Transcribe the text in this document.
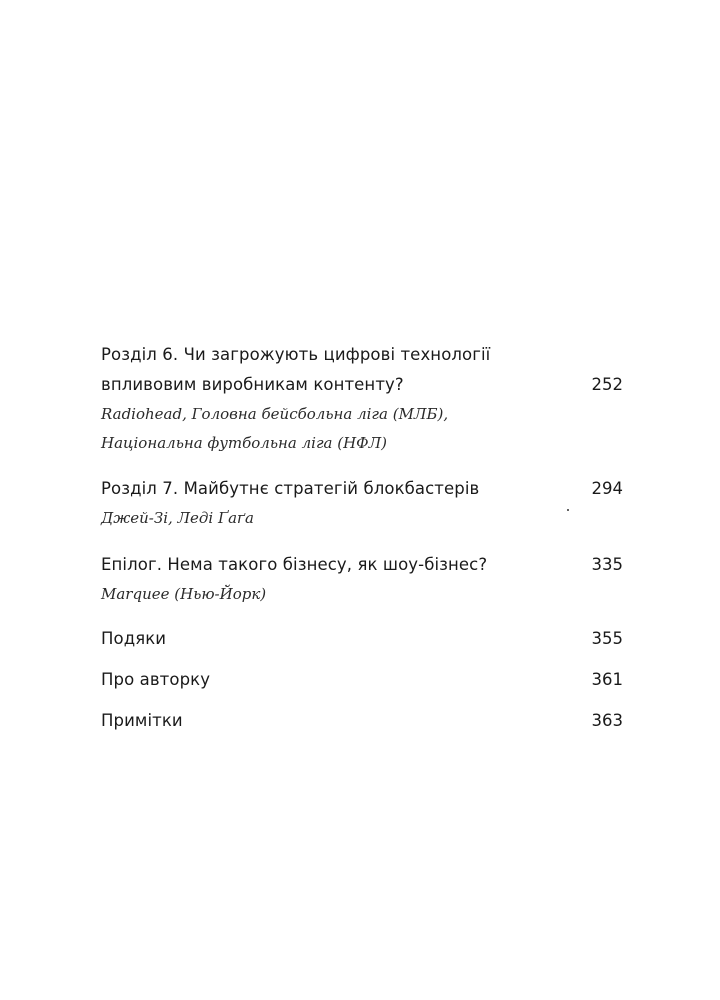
Розділ 6. Чи загрожують цифрові технології
впливовим виробникам контенту?	252
Radiohead, Головна бейсбольна ліга (МЛБ),
Національна футбольна ліга (НФЛ)
Розділ 7. Майбутнє стратегій блокбастерів	294
Джей-Зі, Леді Ґаґа
Епілог. Нема такого бізнесу, як шоу-бізнес?	335
Marquee (Нью-Йорк)
Подяки	355
Про авторку	361
Примітки	363
